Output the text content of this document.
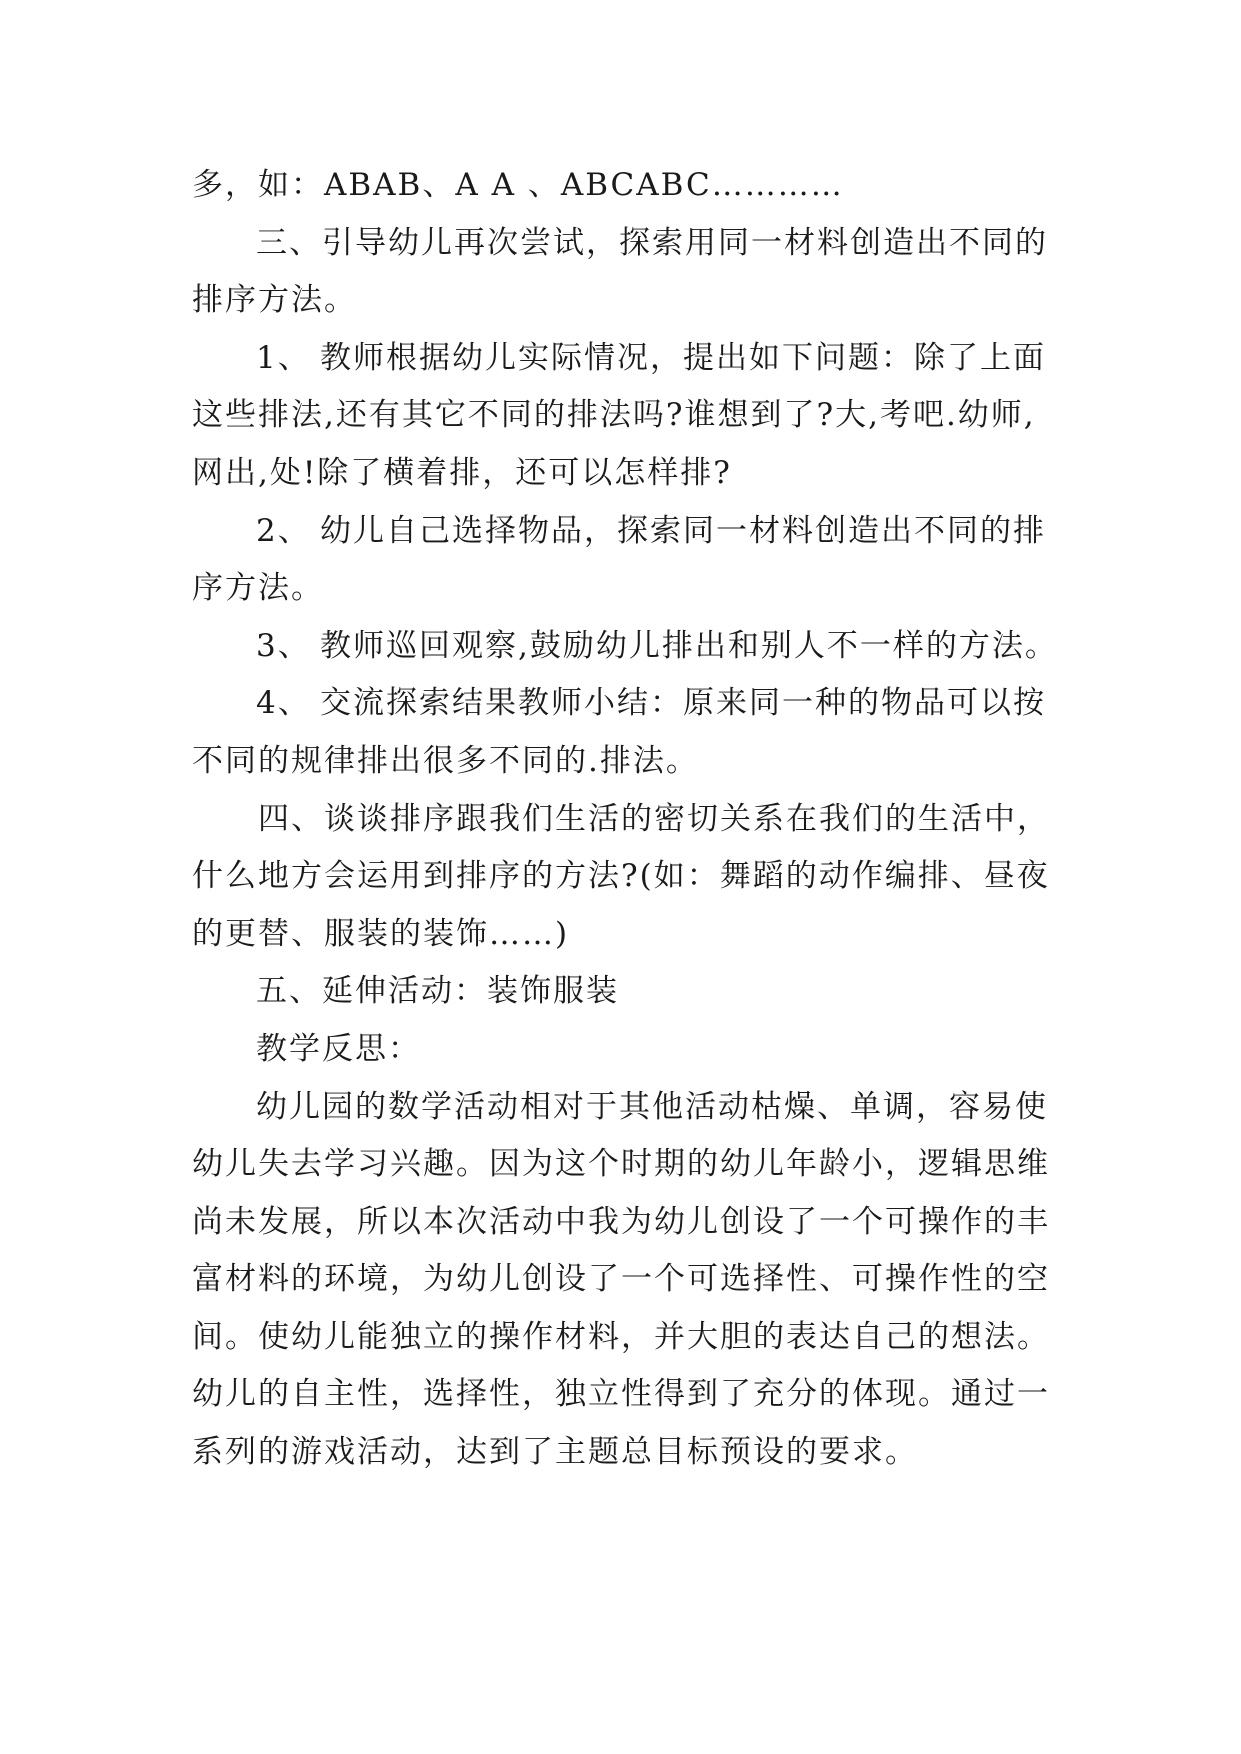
多，如：ABAB、A A 、ABCABC…………
三、引导幼儿再次尝试，探索用同一材料创造出不同的
排序方法。
1、 教师根据幼儿实际情况，提出如下问题：除了上面
这些排法,还有其它不同的排法吗?谁想到了?大,考吧.幼师,
网出,处!除了横着排，还可以怎样排?
2、 幼儿自己选择物品，探索同一材料创造出不同的排
序方法。
3、 教师巡回观察,鼓励幼儿排出和别人不一样的方法。
4、 交流探索结果教师小结：原来同一种的物品可以按
不同的规律排出很多不同的.排法。
四、谈谈排序跟我们生活的密切关系在我们的生活中，
什么地方会运用到排序的方法?(如：舞蹈的动作编排、昼夜
的更替、服装的装饰……)
五、延伸活动：装饰服装
教学反思：
幼儿园的数学活动相对于其他活动枯燥、单调，容易使
幼儿失去学习兴趣。因为这个时期的幼儿年龄小，逻辑思维
尚未发展，所以本次活动中我为幼儿创设了一个可操作的丰
富材料的环境，为幼儿创设了一个可选择性、可操作性的空
间。使幼儿能独立的操作材料，并大胆的表达自己的想法。
幼儿的自主性，选择性，独立性得到了充分的体现。通过一
系列的游戏活动，达到了主题总目标预设的要求。
